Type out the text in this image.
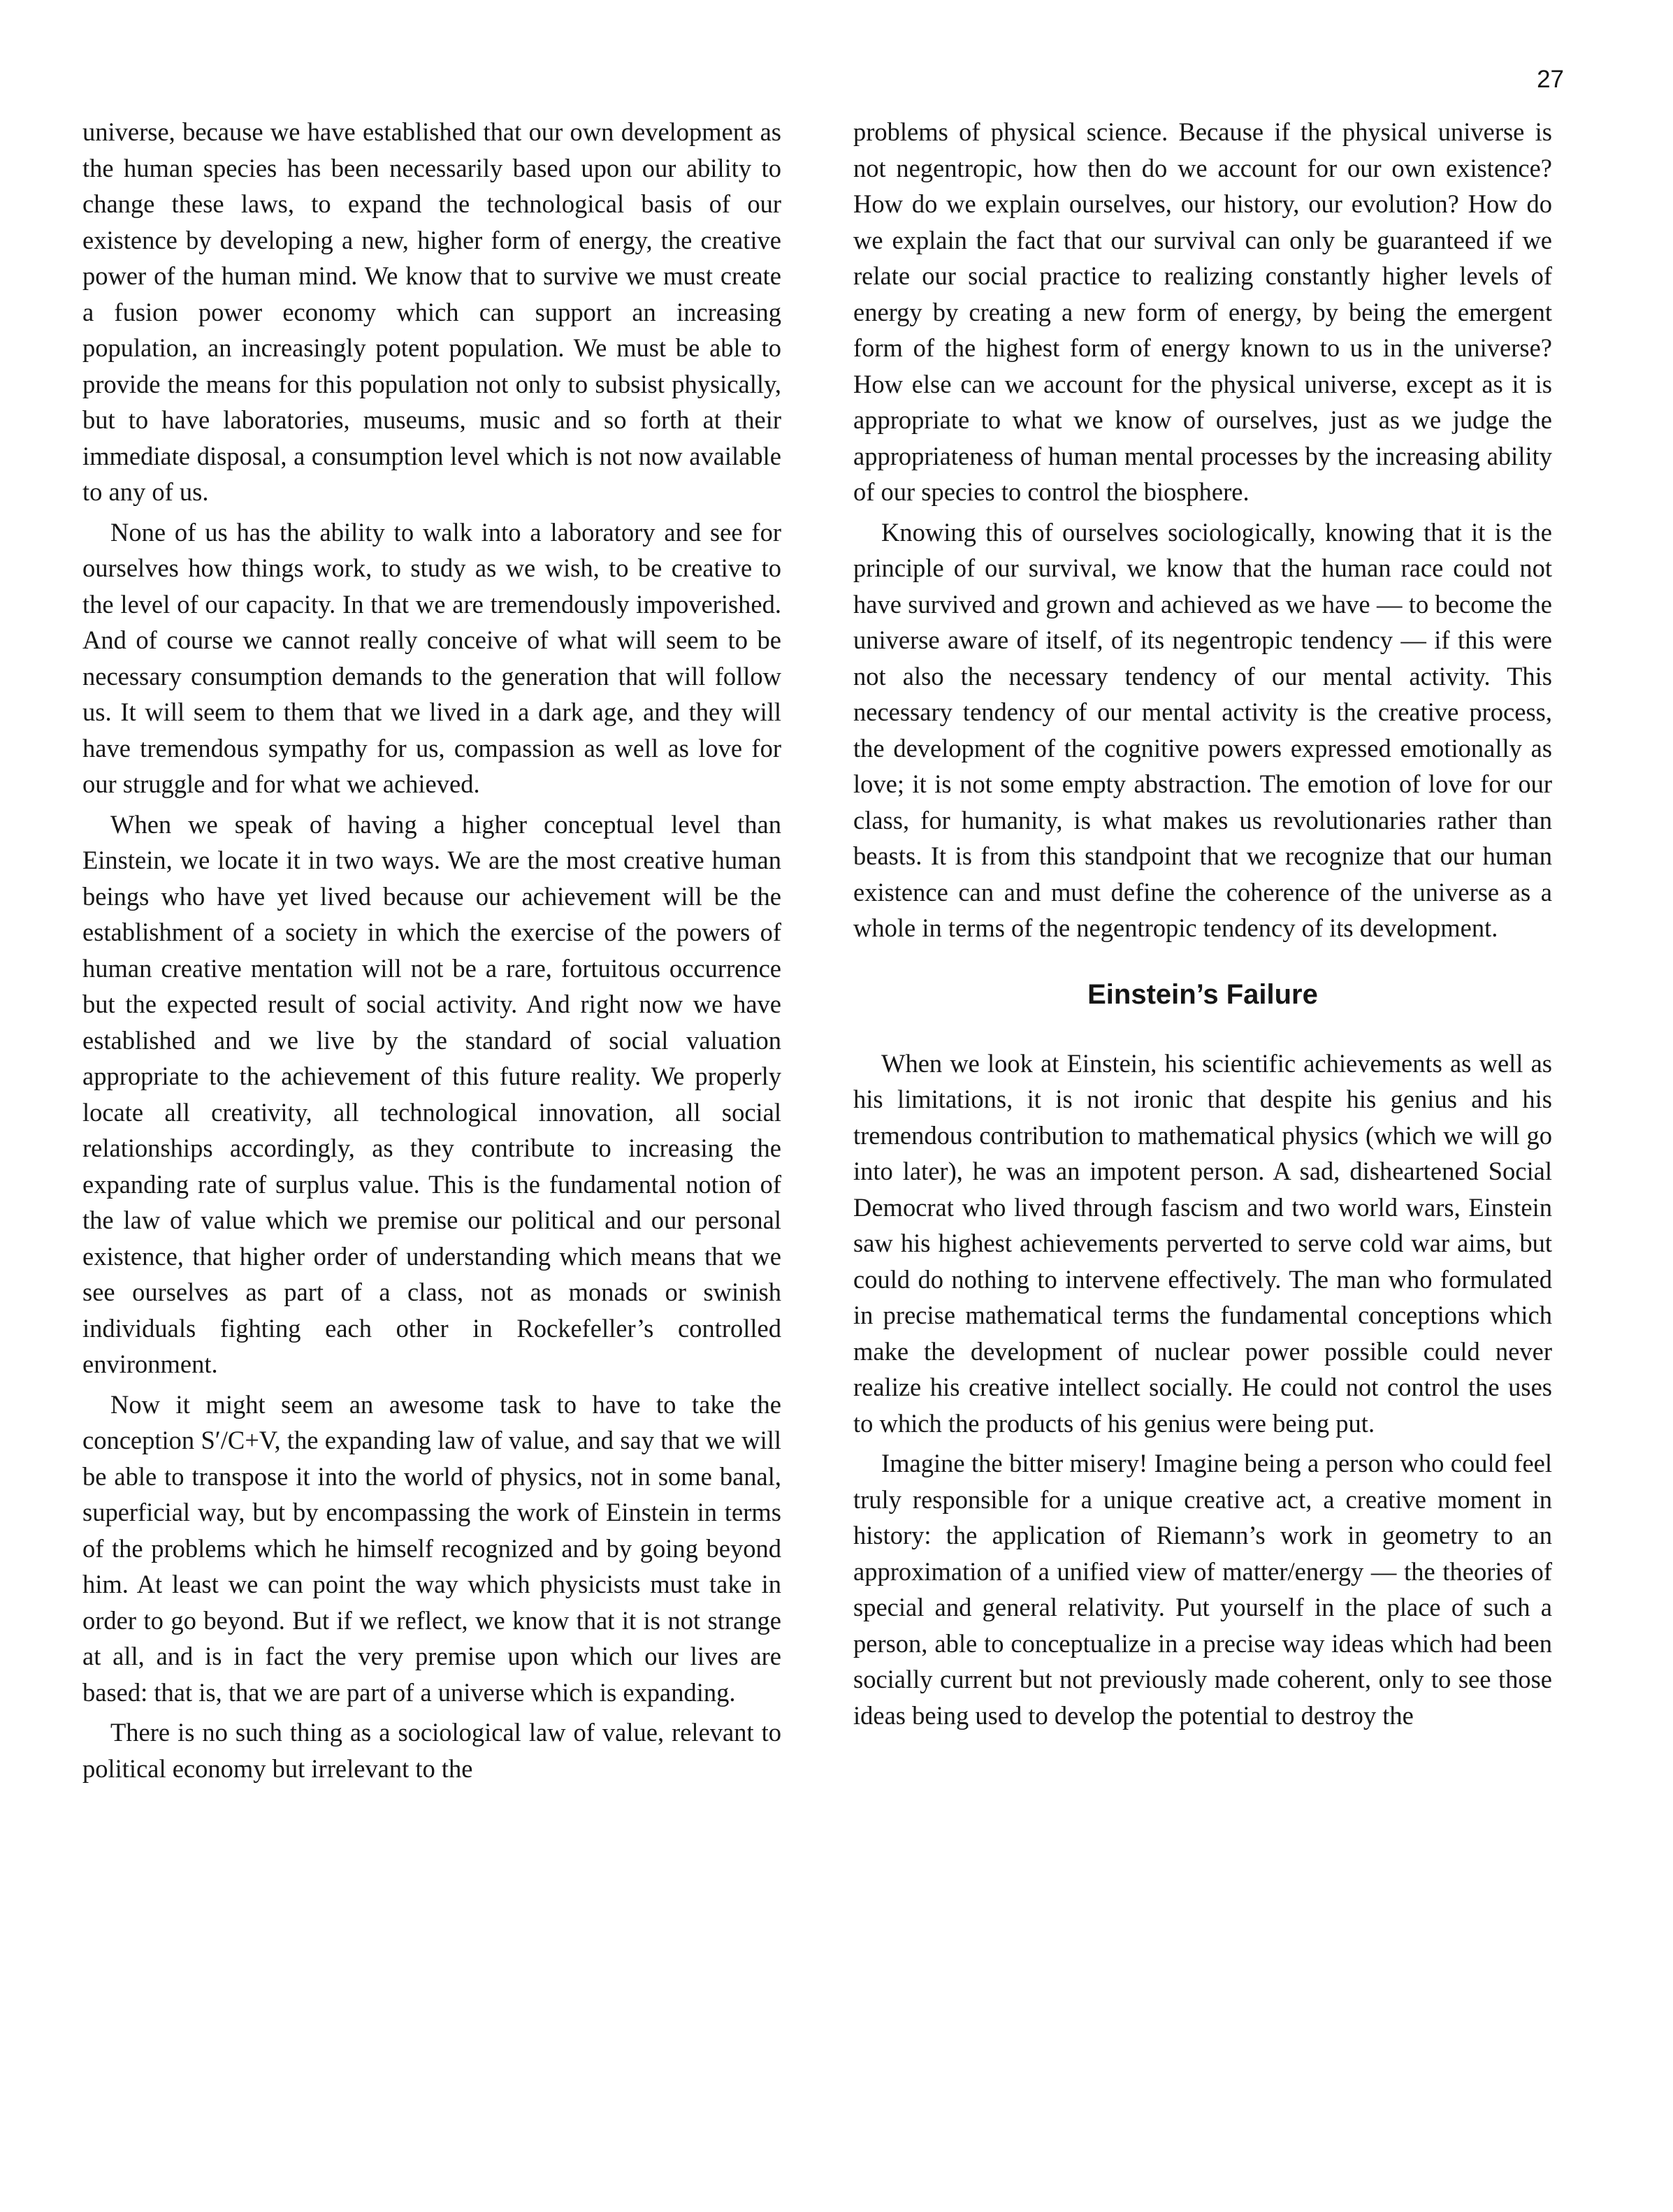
27

universe, because we have established that our own development as the human species has been necessarily based upon our ability to change these laws, to expand the technological basis of our existence by developing a new, higher form of energy, the creative power of the human mind. We know that to survive we must create a fusion power economy which can support an increasing population, an increasingly potent population. We must be able to provide the means for this population not only to subsist physically, but to have laboratories, museums, music and so forth at their immediate disposal, a consumption level which is not now available to any of us.

None of us has the ability to walk into a laboratory and see for ourselves how things work, to study as we wish, to be creative to the level of our capacity. In that we are tremendously impoverished. And of course we cannot really conceive of what will seem to be necessary consumption demands to the generation that will follow us. It will seem to them that we lived in a dark age, and they will have tremendous sympathy for us, compassion as well as love for our struggle and for what we achieved.

When we speak of having a higher conceptual level than Einstein, we locate it in two ways. We are the most creative human beings who have yet lived because our achievement will be the establishment of a society in which the exercise of the powers of human creative mentation will not be a rare, fortuitous occurrence but the expected result of social activity. And right now we have established and we live by the standard of social valuation appropriate to the achievement of this future reality. We properly locate all creativity, all technological innovation, all social relationships accordingly, as they contribute to increasing the expanding rate of surplus value. This is the fundamental notion of the law of value which we premise our political and our personal existence, that higher order of understanding which means that we see ourselves as part of a class, not as monads or swinish individuals fighting each other in Rockefeller’s controlled environment.

Now it might seem an awesome task to have to take the conception S′/C+V, the expanding law of value, and say that we will be able to transpose it into the world of physics, not in some banal, superficial way, but by encompassing the work of Einstein in terms of the problems which he himself recognized and by going beyond him. At least we can point the way which physicists must take in order to go beyond. But if we reflect, we know that it is not strange at all, and is in fact the very premise upon which our lives are based: that is, that we are part of a universe which is expanding.

There is no such thing as a sociological law of value, relevant to political economy but irrelevant to the

problems of physical science. Because if the physical universe is not negentropic, how then do we account for our own existence? How do we explain ourselves, our history, our evolution? How do we explain the fact that our survival can only be guaranteed if we relate our social practice to realizing constantly higher levels of energy by creating a new form of energy, by being the emergent form of the highest form of energy known to us in the universe? How else can we account for the physical universe, except as it is appropriate to what we know of ourselves, just as we judge the appropriateness of human mental processes by the increasing ability of our species to control the biosphere.

Knowing this of ourselves sociologically, knowing that it is the principle of our survival, we know that the human race could not have survived and grown and achieved as we have — to become the universe aware of itself, of its negentropic tendency — if this were not also the necessary tendency of our mental activity. This necessary tendency of our mental activity is the creative process, the development of the cognitive powers expressed emotionally as love; it is not some empty abstraction. The emotion of love for our class, for humanity, is what makes us revolutionaries rather than beasts. It is from this standpoint that we recognize that our human existence can and must define the coherence of the universe as a whole in terms of the negentropic tendency of its development.

Einstein’s Failure

When we look at Einstein, his scientific achievements as well as his limitations, it is not ironic that despite his genius and his tremendous contribution to mathematical physics (which we will go into later), he was an impotent person. A sad, disheartened Social Democrat who lived through fascism and two world wars, Einstein saw his highest achievements perverted to serve cold war aims, but could do nothing to intervene effectively. The man who formulated in precise mathematical terms the fundamental conceptions which make the development of nuclear power possible could never realize his creative intellect socially. He could not control the uses to which the products of his genius were being put.

Imagine the bitter misery! Imagine being a person who could feel truly responsible for a unique creative act, a creative moment in history: the application of Riemann’s work in geometry to an approximation of a unified view of matter/energy — the theories of special and general relativity. Put yourself in the place of such a person, able to conceptualize in a precise way ideas which had been socially current but not previously made coherent, only to see those ideas being used to develop the potential to destroy the
